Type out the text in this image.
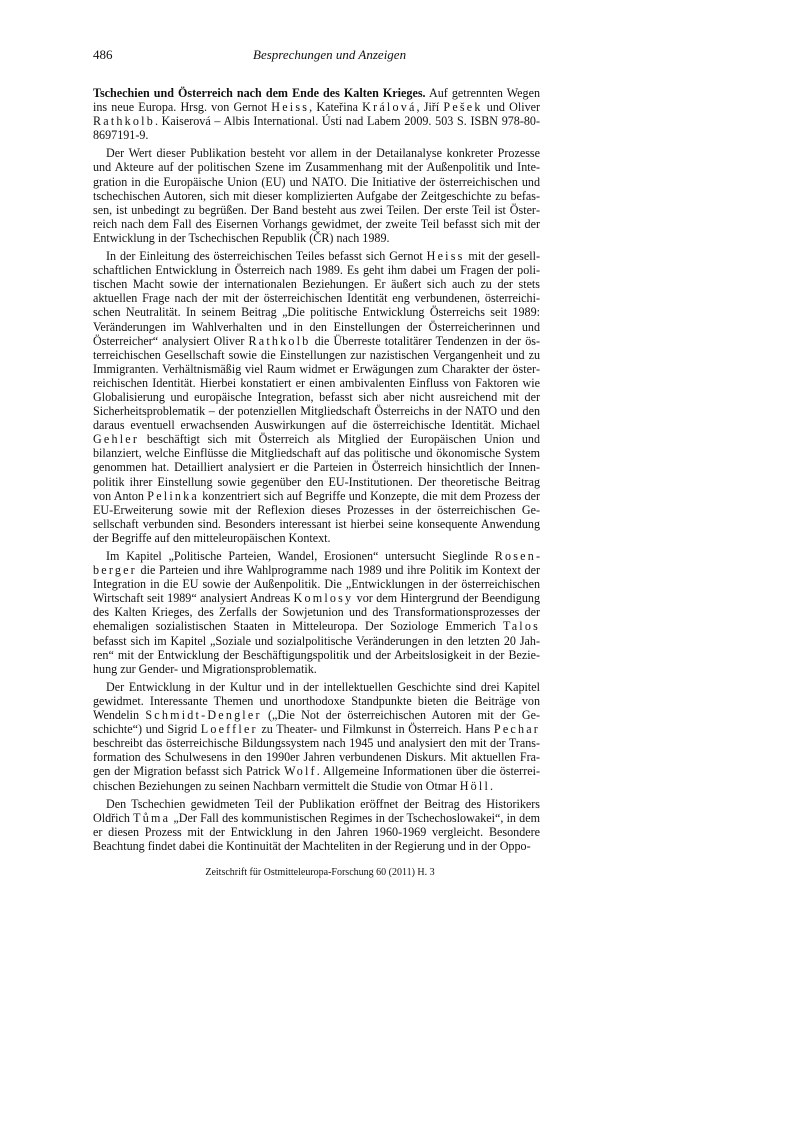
486	Besprechungen und Anzeigen

Tschechien und Österreich nach dem Ende des Kalten Krieges. Auf getrennten Wegen ins neue Europa. Hrsg. von Gernot Heiss, Kateřina Králová, Jiří Pešek und Oliver Rathkolb. Kaiserová – Albis International. Ústi nad Labem 2009. 503 S. ISBN 978-80-8697191-9.

Der Wert dieser Publikation besteht vor allem in der Detailanalyse konkreter Prozesse und Akteure auf der politischen Szene im Zusammenhang mit der Außenpolitik und Integration in die Europäische Union (EU) und NATO. Die Initiative der österreichischen und tschechischen Autoren, sich mit dieser komplizierten Aufgabe der Zeitgeschichte zu befassen, ist unbedingt zu begrüßen. Der Band besteht aus zwei Teilen. Der erste Teil ist Österreich nach dem Fall des Eisernen Vorhangs gewidmet, der zweite Teil befasst sich mit der Entwicklung in der Tschechischen Republik (ČR) nach 1989.

In der Einleitung des österreichischen Teiles befasst sich Gernot Heiss mit der gesellschaftlichen Entwicklung in Österreich nach 1989. Es geht ihm dabei um Fragen der politischen Macht sowie der internationalen Beziehungen. Er äußert sich auch zu der stets aktuellen Frage nach der mit der österreichischen Identität eng verbundenen, österreichischen Neutralität. In seinem Beitrag „Die politische Entwicklung Österreichs seit 1989: Veränderungen im Wahlverhalten und in den Einstellungen der Österreicherinnen und Österreicher“ analysiert Oliver Rathkolb die Überreste totalitärer Tendenzen in der österreichischen Gesellschaft sowie die Einstellungen zur nazistischen Vergangenheit und zu Immigranten. Verhältnismäßig viel Raum widmet er Erwägungen zum Charakter der österreichischen Identität. Hierbei konstatiert er einen ambivalenten Einfluss von Faktoren wie Globalisierung und europäische Integration, befasst sich aber nicht ausreichend mit der Sicherheitsproblematik – der potenziellen Mitgliedschaft Österreichs in der NATO und den daraus eventuell erwachsenden Auswirkungen auf die österreichische Identität. Michael Gehler beschäftigt sich mit Österreich als Mitglied der Europäischen Union und bilanziert, welche Einflüsse die Mitgliedschaft auf das politische und ökonomische System genommen hat. Detailliert analysiert er die Parteien in Österreich hinsichtlich der Innenpolitik ihrer Einstellung sowie gegenüber den EU-Institutionen. Der theoretische Beitrag von Anton Pelinka konzentriert sich auf Begriffe und Konzepte, die mit dem Prozess der EU-Erweiterung sowie mit der Reflexion dieses Prozesses in der österreichischen Gesellschaft verbunden sind. Besonders interessant ist hierbei seine konsequente Anwendung der Begriffe auf den mitteleuropäischen Kontext.

Im Kapitel „Politische Parteien, Wandel, Erosionen“ untersucht Sieglinde Rosenberger die Parteien und ihre Wahlprogramme nach 1989 und ihre Politik im Kontext der Integration in die EU sowie der Außenpolitik. Die „Entwicklungen in der österreichischen Wirtschaft seit 1989“ analysiert Andreas Komlosy vor dem Hintergrund der Beendigung des Kalten Krieges, des Zerfalls der Sowjetunion und des Transformationsprozesses der ehemaligen sozialistischen Staaten in Mitteleuropa. Der Soziologe Emmerich Talos befasst sich im Kapitel „Soziale und sozialpolitische Veränderungen in den letzten 20 Jahren“ mit der Entwicklung der Beschäftigungspolitik und der Arbeitslosigkeit in der Beziehung zur Gender- und Migrationsproblematik.

Der Entwicklung in der Kultur und in der intellektuellen Geschichte sind drei Kapitel gewidmet. Interessante Themen und unorthodoxe Standpunkte bieten die Beiträge von Wendelin Schmidt-Dengler („Die Not der österreichischen Autoren mit der Geschichte“) und Sigrid Loeffler zu Theater- und Filmkunst in Österreich. Hans Pechar beschreibt das österreichische Bildungssystem nach 1945 und analysiert den mit der Transformation des Schulwesens in den 1990er Jahren verbundenen Diskurs. Mit aktuellen Fragen der Migration befasst sich Patrick Wolf. Allgemeine Informationen über die österreichischen Beziehungen zu seinen Nachbarn vermittelt die Studie von Otmar Höll.

Den Tschechien gewidmeten Teil der Publikation eröffnet der Beitrag des Historikers Oldřich Tůma „Der Fall des kommunistischen Regimes in der Tschechoslowakei“, in dem er diesen Prozess mit der Entwicklung in den Jahren 1960-1969 vergleicht. Besondere Beachtung findet dabei die Kontinuität der Machteliten in der Regierung und in der Oppo-

Zeitschrift für Ostmitteleuropa-Forschung 60 (2011) H. 3
